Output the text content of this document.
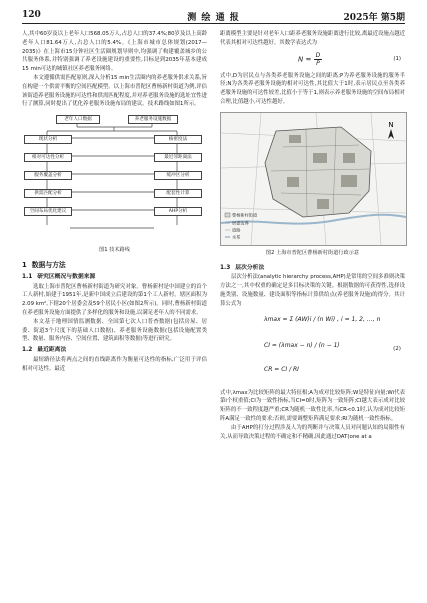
120	测 绘 通 报	2025年 第5期

人,其中60岁及以上老年人口568.05万人,占总人口的37.4%;80岁及以上高龄老年人口81.64万人,占总人口的5.4%。《上海市城市总体规划(2017—2035)》在上海市15分钟社区生活圈规划导则中,均强调了构建覆盖城乡的公共服务体系,并特别强调了养老设施建设的重要性,目标是到2035年基本建成15 min可达的城镇社区养老服务网络。

本文遵循供需匹配原则,深入分析15 min生活圈内的养老服务供求关系,旨在构建一个供需平衡的空间匹配模型。以上海市普陀区曹杨新村街道为例,评估该街道养老服务设施的可达性和供需匹配程度,并对养老服务设施的选址宜性进行了测算,同时提出了优化养老服务设施布局的建议。技术路线如图1所示。

老年人口数据	养老服务设施数据
现状分析	核密度法
相对可达性分析	最近邻距离法
服务覆盖分析	缓冲区分析
供需匹配分析	配套性计算
空间布局优化建议	AHP分析
图1 技术路线
1 数据与方法
1.1 研究区概况与数据来源

选取上海市普陀区曹杨新村街道为研究对象。曹杨新村是中国建立的首个工人新村,始建于1951年,是新中国成立后建设的第1个工人新村。辖区面积为2.09 km²,下辖20个居委会及59个居民小区(如图2所示)。同时,曹杨新村街道在养老服务设施方面提供了多样化的服务和设施,以满足老年人的不同需求。

本文基于地理国情监测数据、全国第七次人口普查数据(包括房屋、居委、街道3个尺度下的基础人口数据)、养老服务设施数据(包括设施配置类型、数量、服务内容、空间位置、建筑面积等数据)等进行研究。

1.2 最近距离法

最短路径法将两点之间的直线距离作为衡量可达性的指标,广泛用于评估相对可达性。最近

距离模型主要是针对老年人口距养老服务设施距离进行比较,离最近设施点越近代表其相对可达性越好。其数学表达式为

$N = \frac{D}{P}$	(1)

式中,D为居民点与各类养老服务设施之间的距离;P为养老服务设施的服务半径;N为各类养老服务设施的相对可达性,其比值大于1时,表示居民点至各类养老服务设施的可达性较差,比值小于等于1,则表示养老服务设施的空间布局相对合理,比值越小,可达性越好。

N
曹杨新村街道
居委边界
道路
水系
图2 上海市普陀区曹杨新村街道行政示意
1.3 层次分析法

层次分析法(analytic hierarchy process,AHP)是常用的空间多准则决策方法之一,其中权重的确定是多目标决策的关键。根据数据的可获得性,选择设施类别、设施数量、建设面积等指标计算供给点(养老服务设施)的得分。其计算公式为

λmax = Σ (AW)i / (n Wi) , i = 1, 2, …, n
CI = (λmax − n) / (n − 1)
CR = CI / RI
(2)

式中,λmax为比较矩阵的最大特征根;A为成对比较矩阵;W是特征向量;Wi代表第i个权重值;CI为一致性指标,当CI=0时,矩阵为一致矩阵;CI越大表示成对比较矩阵的不一致程度越严重;CR为随机一致性比率,当CR<0.1时,认为成对比较矩阵A满足一致性的要求;否则,需要调整矩阵满足要求;RI为随机一致性指标。

由于AHP的打分过程涉及人为的判断并与决策人员对问题认知的局限性有关,从而导致决策过程的不确定和不精确,因此通过OAT(one at a
